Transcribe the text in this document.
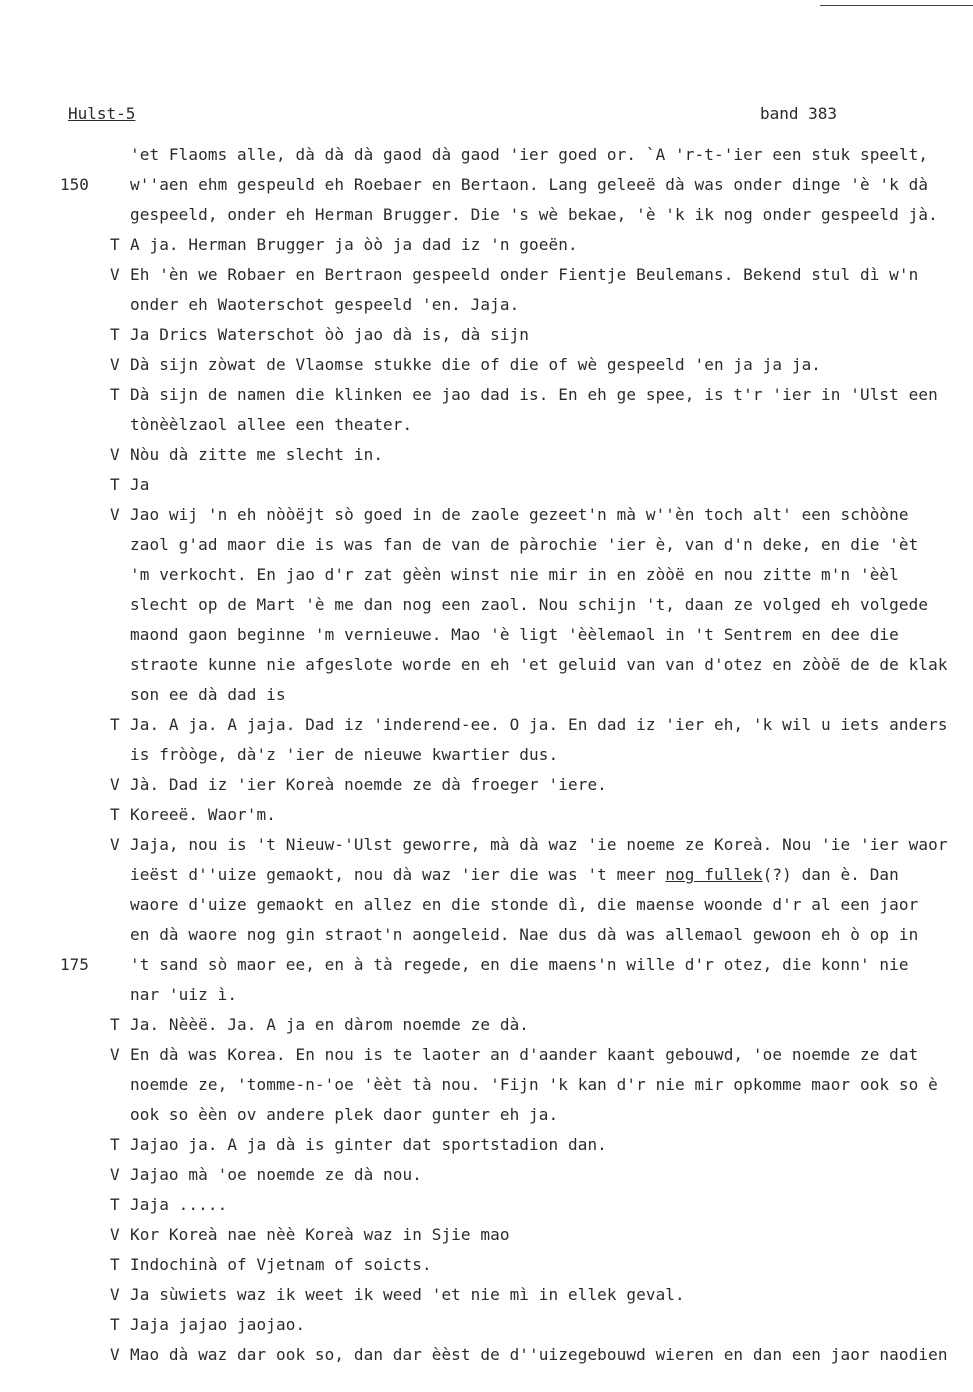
Hulst-5	band 383
'et Flaoms alle, dà dà dà gaod dà gaod 'ier goed or. `A 'r-t-'ier een stuk speelt,
w''aen ehm gespeuld eh Roebaer en Bertaon. Lang geleeë dà was onder dinge 'è 'k dà
gespeeld, onder eh Herman Brugger. Die 's wè bekae, 'è 'k ik nog onder gespeeld jà.
T A ja. Herman Brugger ja òò ja dad iz 'n goeën.
V Eh 'èn we Robaer en Bertraon gespeeld onder Fientje Beulemans. Bekend stul dì w'n
onder eh Waoterschot gespeeld 'en. Jaja.
T Ja Drics Waterschot òò jao dà is, dà sijn
V Dà sijn zòwat de Vlaomse stukke die of die of wè gespeeld 'en ja ja ja.
T Dà sijn de namen die klinken ee jao dad is. En eh ge spee, is t'r 'ier in 'Ulst een
tònèèlzaol allee een theater.
V Nòu dà zitte me slecht in.
T Ja
V Jao wij 'n eh nòòëjt sò goed in de zaole gezeet'n mà w''èn toch alt' een schòòne
zaol g'ad maor die is was fan de van de pàrochie 'ier è, van d'n deke, en die 'èt
'm verkocht. En jao d'r zat gèèn winst nie mir in en zòòë en nou zitte m'n 'èèl
slecht op de Mart 'è me dan nog een zaol. Nou schijn 't, daan ze volged eh volgede
maond gaon beginne 'm vernieuwe. Mao 'è ligt 'èèlemaol in 't Sentrem en dee die
straote kunne nie afgeslote worde en eh 'et geluid van van d'otez en zòòë de de klak
son ee dà dad is
T Ja. A ja. A jaja. Dad iz 'inderend-ee. O ja. En dad iz 'ier eh, 'k wil u iets anders
is fròòge, dà'z 'ier de nieuwe kwartier dus.
V Jà. Dad iz 'ier Koreà noemde ze dà froeger 'iere.
T Koreeë. Waor'm.
V Jaja, nou is 't Nieuw-'Ulst geworre, mà dà waz 'ie noeme ze Koreà. Nou 'ie 'ier waor
ieëst d''uize gemaokt, nou dà waz 'ier die was 't meer nog fullek(?) dan è. Dan
waore d'uize gemaokt en allez en die stonde dì, die maense woonde d'r al een jaor
en dà waore nog gin straot'n aongeleid. Nae dus dà was allemaol gewoon eh ò op in
't sand sò maor ee, en à tà regede, en die maens'n wille d'r otez, die konn' nie
nar 'uiz ì.
T Ja. Nèèë. Ja. A ja en dàrom noemde ze dà.
V En dà was Korea. En nou is te laoter an d'aander kaant gebouwd, 'oe noemde ze dat
noemde ze, 'tomme-n-'oe 'èèt tà nou. 'Fijn 'k kan d'r nie mir opkomme maor ook so è
ook so èèn ov andere plek daor gunter eh ja.
T Jajao ja. A ja dà is ginter dat sportstadion dan.
V Jajao mà 'oe noemde ze dà nou.
T Jaja .....
V Kor Koreà nae nèè Koreà waz in Sjie mao
T Indochinà of Vjetnam of soicts.
V Ja sùwiets waz ik weet ik weed 'et nie mì in ellek geval.
T Jaja jajao jaojao.
V Mao dà waz dar ook so, dan dar èèst de d''uizegebouwd wieren en dan een jaor naodien
150
175
